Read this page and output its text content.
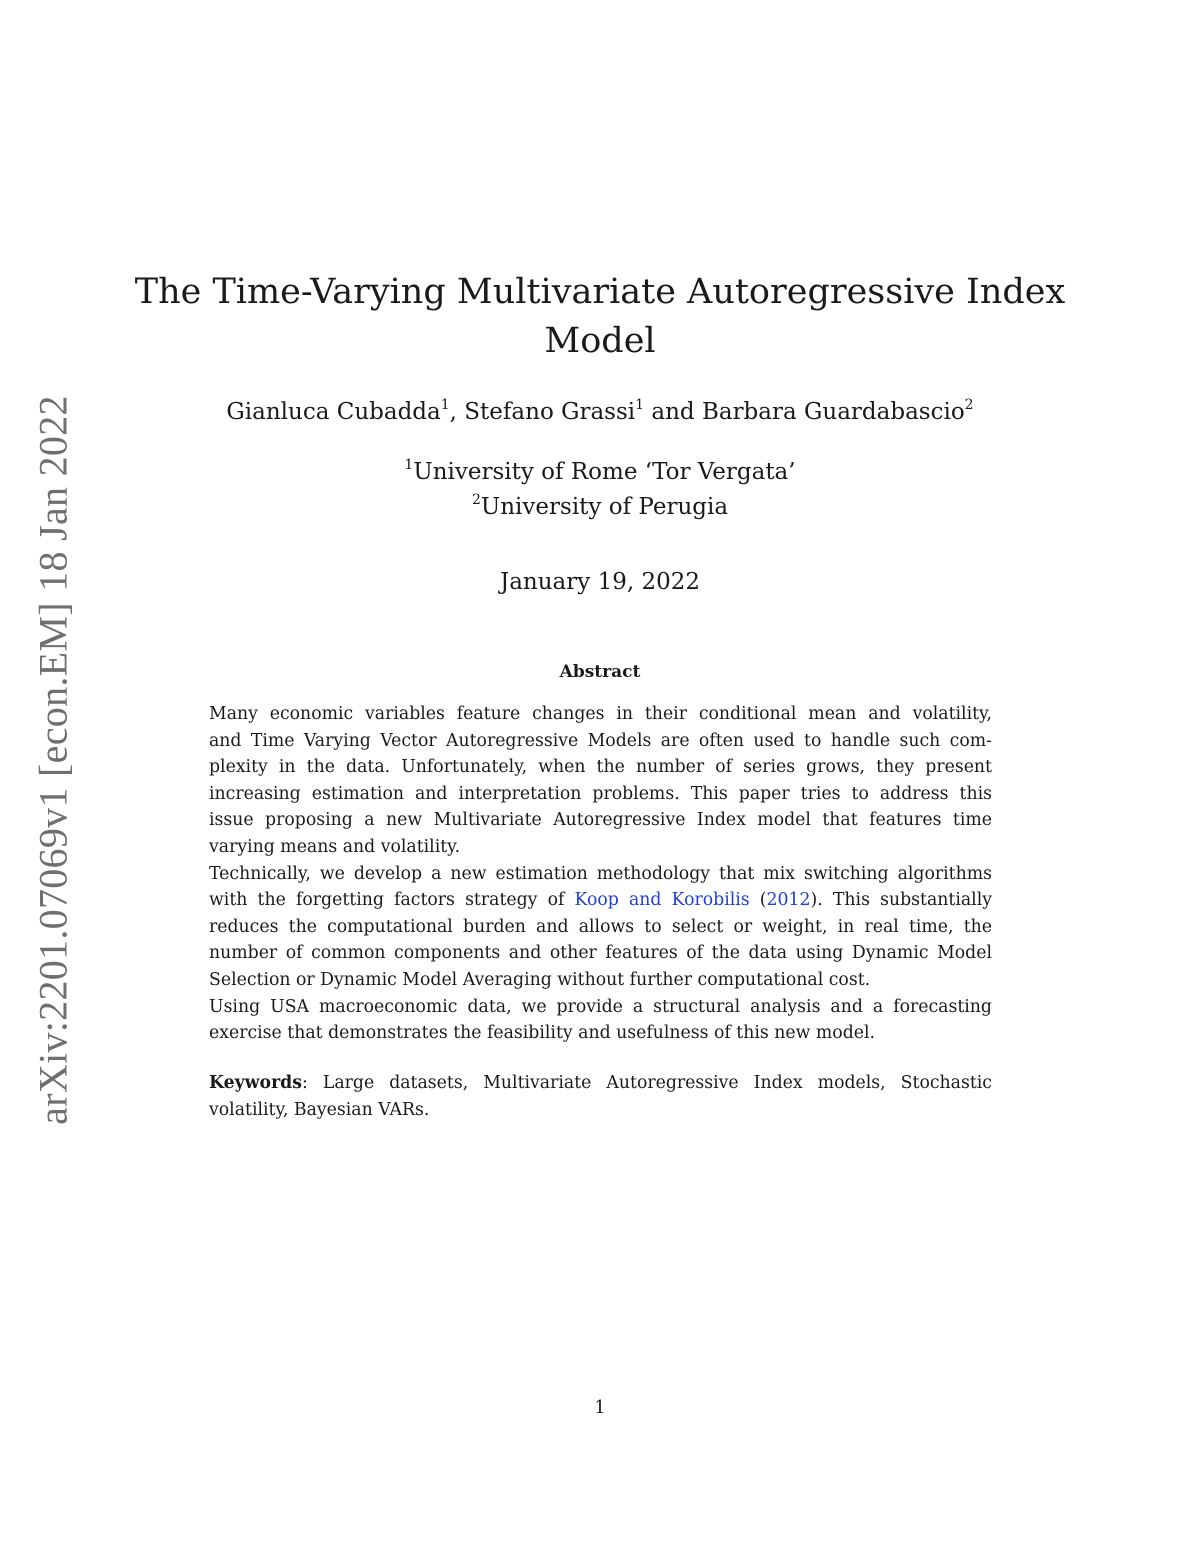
arXiv:2201.07069v1 [econ.EM] 18 Jan 2022
The Time-Varying Multivariate Autoregressive Index
Model
Gianluca Cubadda$^1$, Stefano Grassi$^1$ and Barbara Guardabascio$^2$
$^1$University of Rome ‘Tor Vergata’
$^2$University of Perugia
January 19, 2022
Abstract
Many economic variables feature changes in their conditional mean and volatility,
and Time Varying Vector Autoregressive Models are often used to handle such com-
plexity in the data. Unfortunately, when the number of series grows, they present
increasing estimation and interpretation problems. This paper tries to address this
issue proposing a new Multivariate Autoregressive Index model that features time
varying means and volatility.
Technically, we develop a new estimation methodology that mix switching algorithms
with the forgetting factors strategy of Koop and Korobilis (2012). This substantially
reduces the computational burden and allows to select or weight, in real time, the
number of common components and other features of the data using Dynamic Model
Selection or Dynamic Model Averaging without further computational cost.
Using USA macroeconomic data, we provide a structural analysis and a forecasting
exercise that demonstrates the feasibility and usefulness of this new model.
Keywords: Large datasets, Multivariate Autoregressive Index models, Stochastic
volatility, Bayesian VARs.
1
